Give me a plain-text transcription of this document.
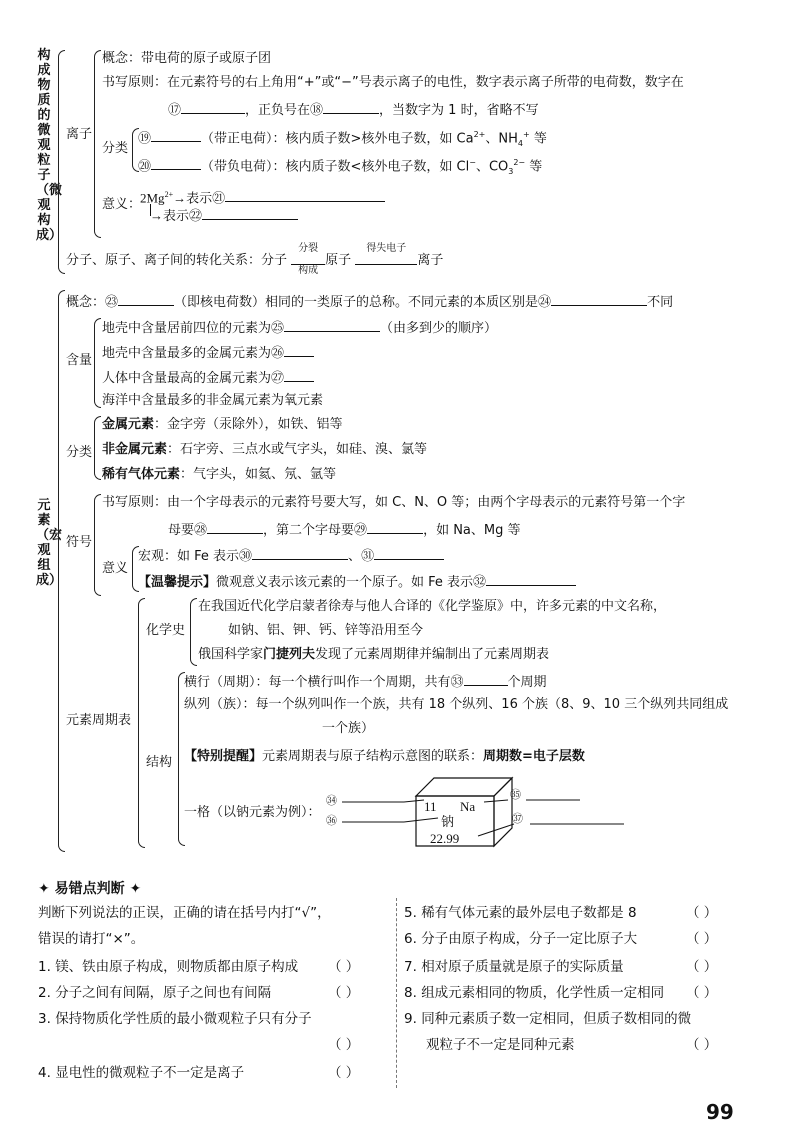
构成物质的微观粒子（微观构成）
元素（宏观组成）
离子
概念：带电荷的原子或原子团
书写原则：在元素符号的右上角用“+”或“−”号表示离子的电性，数字表示离子所带的电荷数，数字在
⑰	，正负号在⑱	，当数字为 1 时，省略不写
分类
⑲	（带正电荷）：核内质子数>核外电子数，如 $Ca^{2+}$、$NH_4^+$ 等
⑳	（带负电荷）：核内质子数<核外电子数，如 Cl−、$CO_3^{2-}$ 等
意义：
$2Mg^{2+}\to$表示㉑
→表示㉒
分子、原子、离子间的转化关系：分子
分裂
构成
原子
得失电子
离子
概念：㉓	（即核电荷数）相同的一类原子的总称。不同元素的本质区别是㉔	不同
含量
地壳中含量居前四位的元素为㉕	（由多到少的顺序）
地壳中含量最多的金属元素为㉖
人体中含量最高的金属元素为㉗
海洋中含量最多的非金属元素为氧元素
分类
金属元素：金字旁（汞除外），如铁、铝等
非金属元素：石字旁、三点水或气字头，如硅、溴、氯等
稀有气体元素：气字头，如氦、氖、氩等
符号
书写原则：由一个字母表示的元素符号要大写，如 C、N、O 等；由两个字母表示的元素符号第一个字
母要㉘	，第二个字母要㉙	，如 Na、Mg 等
意义
宏观：如 Fe 表示㉚	、㉛
【温馨提示】微观意义表示该元素的一个原子。如 Fe 表示㉜
元素周期表
化学史
在我国近代化学启蒙者徐寿与他人合译的《化学鉴原》中，许多元素的中文名称，
如钠、铝、钾、钙、锌等沿用至今
俄国科学家门捷列夫发现了元素周期律并编制出了元素周期表
结构
横行（周期）：每一个横行叫作一个周期，共有㉝	个周期
纵列（族）：每一个纵列叫作一个族，共有 18 个纵列、16 个族（8、9、10 三个纵列共同组成
一个族）
【特别提醒】元素周期表与原子结构示意图的联系：周期数=电子层数
一格（以钠元素为例）：
㉞
㊱
㉟
㊲
11 Na
钠
22.99
✦ 易错点判断 ✦
判断下列说法的正误，正确的请在括号内打“√”，
错误的请打“×”。
1. 镁、铁由原子构成，则物质都由原子构成 （ ）
2. 分子之间有间隔，原子之间也有间隔	（ ）
3. 保持物质化学性质的最小微观粒子只有分子
（ ）
4. 显电性的微观粒子不一定是离子	（ ）
5. 稀有气体元素的最外层电子数都是 8	（ ）
6. 分子由原子构成，分子一定比原子大	（ ）
7. 相对原子质量就是原子的实际质量	（ ）
8. 组成元素相同的物质，化学性质一定相同 （ ）
9. 同种元素质子数一定相同，但质子数相同的微
观粒子不一定是同种元素	（ ）
99
